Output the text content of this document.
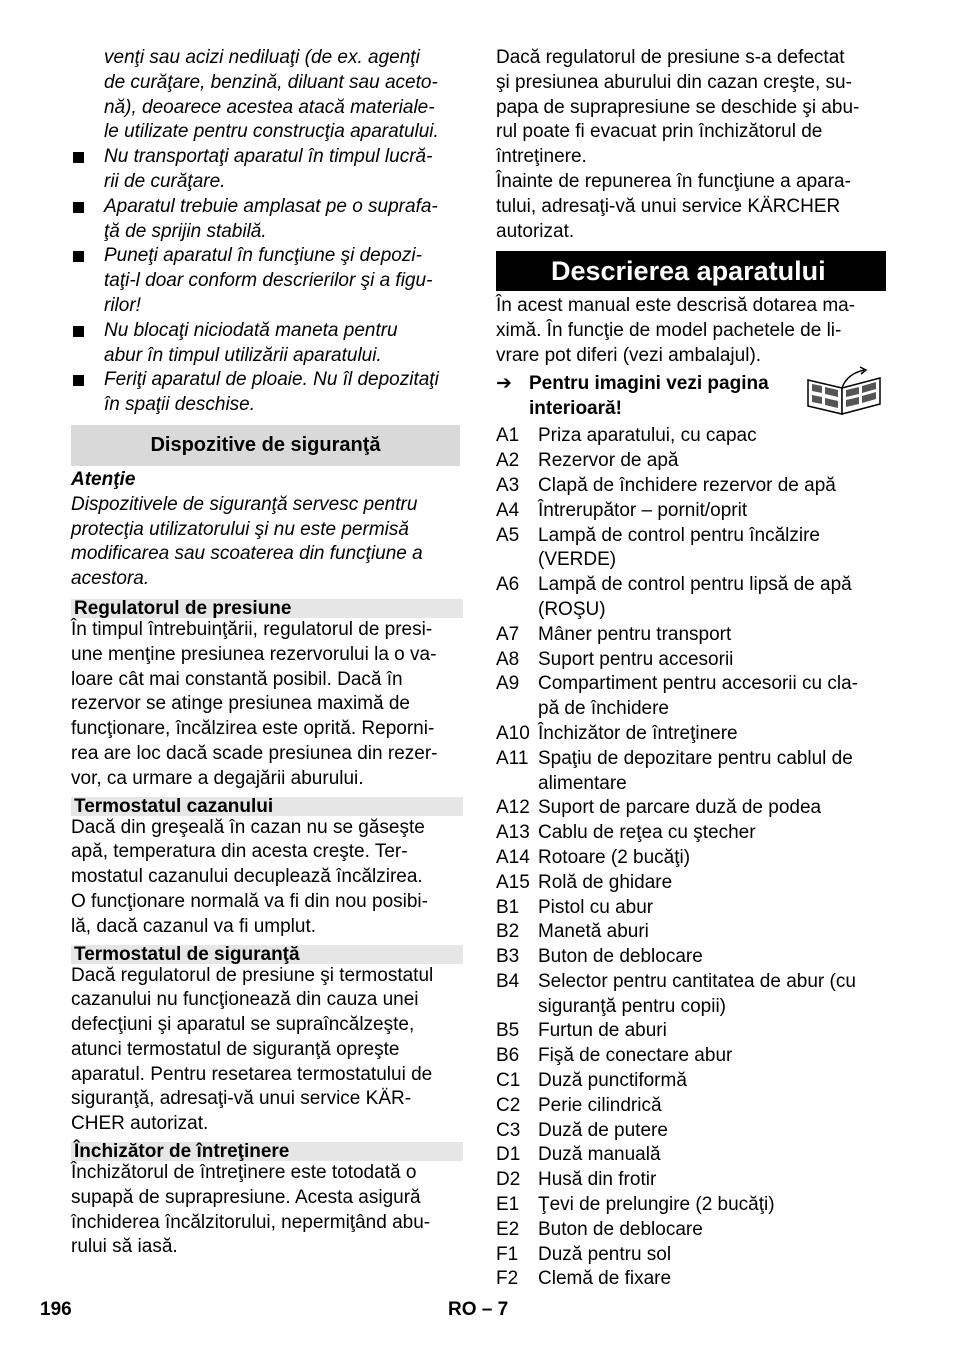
venţi sau acizi nediluaţi (de ex. agenţi

de curăţare, benzină, diluant sau aceto-

nă), deoarece acestea atacă materiale-

le utilizate pentru construcţia aparatului.

Nu transportaţi aparatul în timpul lucră-

rii de curăţare.

Aparatul trebuie amplasat pe o suprafa-

ţă de sprijin stabilă.

Puneţi aparatul în funcţiune şi depozi-

taţi-l doar conform descrierilor şi a figu-

rilor!

Nu blocaţi niciodată maneta pentru

abur în timpul utilizării aparatului.

Feriţi aparatul de ploaie. Nu îl depozitaţi

în spaţii deschise.

Dispozitive de siguranţă

Atenţie

Dispozitivele de siguranţă servesc pentru

protecţia utilizatorului şi nu este permisă

modificarea sau scoaterea din funcţiune a

acestora.

Regulatorul de presiune

În timpul întrebuinţării, regulatorul de presi-

une menţine presiunea rezervorului la o va-

loare cât mai constantă posibil. Dacă în

rezervor se atinge presiunea maximă de

funcţionare, încălzirea este oprită. Reporni-

rea are loc dacă scade presiunea din rezer-

vor, ca urmare a degajării aburului.

Termostatul cazanului

Dacă din greşeală în cazan nu se găseşte

apă, temperatura din acesta creşte. Ter-

mostatul cazanului decuplează încălzirea.

O funcţionare normală va fi din nou posibi-

lă, dacă cazanul va fi umplut.

Termostatul de siguranţă

Dacă regulatorul de presiune şi termostatul

cazanului nu funcţionează din cauza unei

defecţiuni şi aparatul se supraîncălzeşte,

atunci termostatul de siguranţă opreşte

aparatul. Pentru resetarea termostatului de

siguranţă, adresaţi-vă unui service KÄR-

CHER autorizat.

Închizător de întreţinere

Închizătorul de întreţinere este totodată o

supapă de suprapresiune. Acesta asigură

închiderea încălzitorului, nepermiţând abu-

rului să iasă.

Dacă regulatorul de presiune s-a defectat

şi presiunea aburului din cazan creşte, su-

papa de suprapresiune se deschide şi abu-

rul poate fi evacuat prin închizătorul de

întreţinere.

Înainte de repunerea în funcţiune a apara-

tului, adresaţi-vă unui service KÄRCHER

autorizat.

Descrierea aparatului

În acest manual este descrisă dotarea ma-

ximă. În funcţie de model pachetele de li-

vrare pot diferi (vezi ambalajul).

➔ Pentru imagini vezi pagina

interioară!

A1 Priza aparatului, cu capac

A2 Rezervor de apă

A3 Clapă de închidere rezervor de apă

A4 Întrerupător – pornit/oprit

A5 Lampă de control pentru încălzire

(VERDE)

A6 Lampă de control pentru lipsă de apă

(ROŞU)

A7 Mâner pentru transport

A8 Suport pentru accesorii

A9 Compartiment pentru accesorii cu cla-

pă de închidere

A10 Închizător de întreţinere

A11 Spaţiu de depozitare pentru cablul de

alimentare

A12 Suport de parcare duză de podea

A13 Cablu de reţea cu ştecher

A14 Rotoare (2 bucăţi)

A15 Rolă de ghidare

B1 Pistol cu abur

B2 Manetă aburi

B3 Buton de deblocare

B4 Selector pentru cantitatea de abur (cu

siguranţă pentru copii)

B5 Furtun de aburi

B6 Fişă de conectare abur

C1 Duză punctiformă

C2 Perie cilindrică

C3 Duză de putere

D1 Duză manuală

D2 Husă din frotir

E1 Ţevi de prelungire (2 bucăţi)

E2 Buton de deblocare

F1 Duză pentru sol

F2 Clemă de fixare

196	RO – 7
